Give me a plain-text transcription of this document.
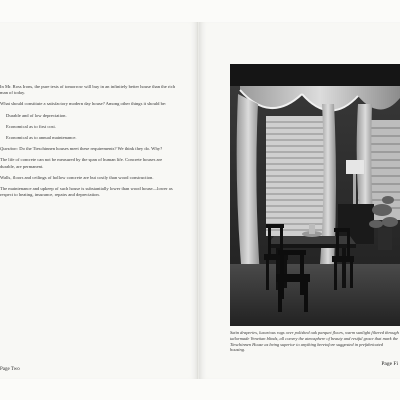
In Mr. Ross Irons, the pure tests of tomorrow will buy in an infinitely better house than the rich man of today.

What should constitute a satisfactory modern day house? Among other things it should be:

Durable and of low depreciation.

Economical as to first cost.

Economical as to annual maintenance.

Question: Do the Tieschinnen houses meet these requirements? We think they do. Why?

The life of concrete can not be measured by the span of human life. Concrete houses are durable, are permanent.

Walls, floors and ceilings of hollow concrete are but costly than wood construction.

The maintenance and upkeep of such house is substantially lower than wood house—lower as respect to heating, insurance, repairs and depreciation.

Page Two
Satin draperies, luxurious rugs over polished oak parquet floors, warm sunlight filtered through tailormade Venetian blinds, all convey the atmosphere of beauty and restful grace that mark the Tieschinnen House as being superior to anything heretofore suggested in prefabricated housing.
Page Fi
